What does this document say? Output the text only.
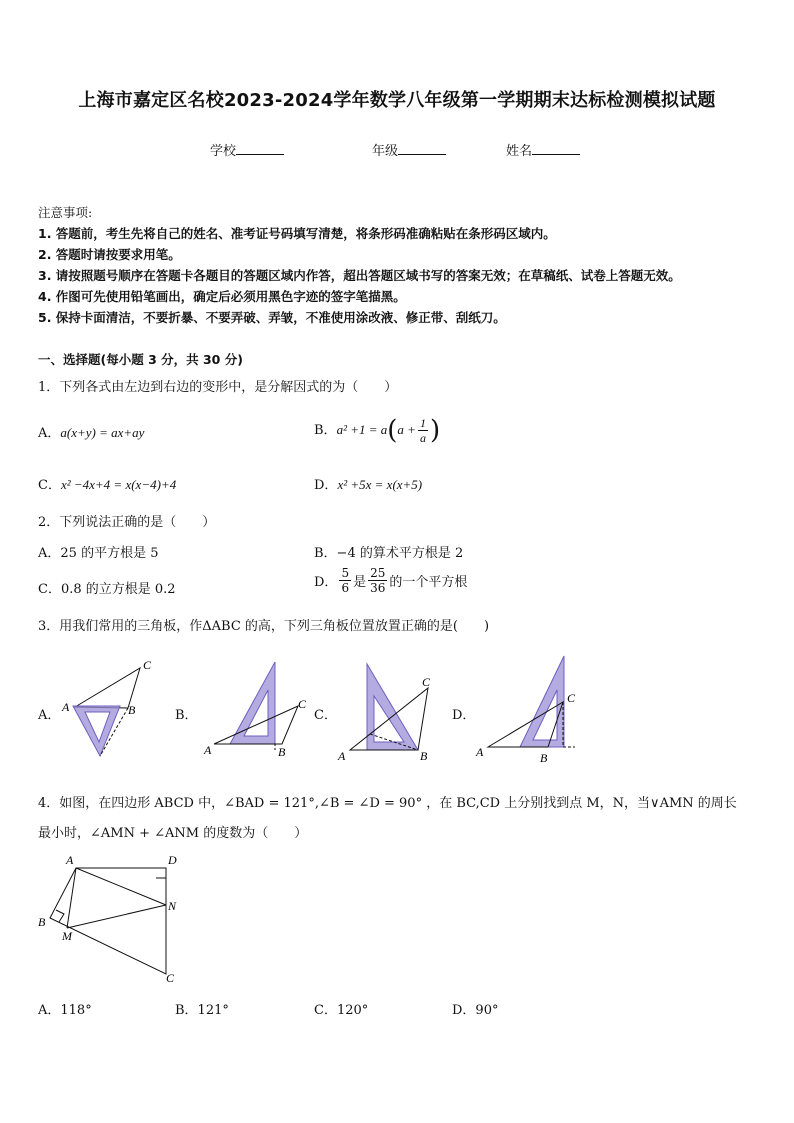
上海市嘉定区名校2023-2024学年数学八年级第一学期期末达标检测模拟试题
学校	年级	姓名
注意事项:
1. 答题前，考生先将自己的姓名、准考证号码填写清楚，将条形码准确粘贴在条形码区域内。
2. 答题时请按要求用笔。
3. 请按照题号顺序在答题卡各题目的答题区域内作答，超出答题区域书写的答案无效；在草稿纸、试卷上答题无效。
4. 作图可先使用铅笔画出，确定后必须用黑色字迹的签字笔描黑。
5. 保持卡面清洁，不要折暴、不要弄破、弄皱，不准使用涂改液、修正带、刮纸刀。
一、选择题(每小题 3 分，共 30 分)
1．下列各式由左边到右边的变形中，是分解因式的为（　　）
A．a(x+y) = ax+ay	B．$a^2 +1 = a(a + \frac{1}{a}$ )
C．x² −4x+4 = x(x−4)+4	D．x² +5x = x(x+5)
2．下列说法正确的是（　　）
A．25 的平方根是 5	B．−4 的算术平方根是 2
C．0.8 的立方根是 0.2	D． $\frac{5}{6}$ 是 $\frac{25}{36}$ 的一个平方根
3．用我们常用的三角板，作ΔABC 的高，下列三角板位置放置正确的是(　　)
A．	B．	C．	D．
C
A	B	C
A	B
C
A	B
C
A	B
4．如图，在四边形 ABCD 中，∠BAD = 121°,∠B = ∠D = 90° ，在 BC,CD 上分别找到点 M，N，当∨AMN 的周长
最小时，∠AMN + ∠ANM 的度数为（　　）
A	D
B
M
N
C
A．118°	B．121°	C．120°	D．90°
